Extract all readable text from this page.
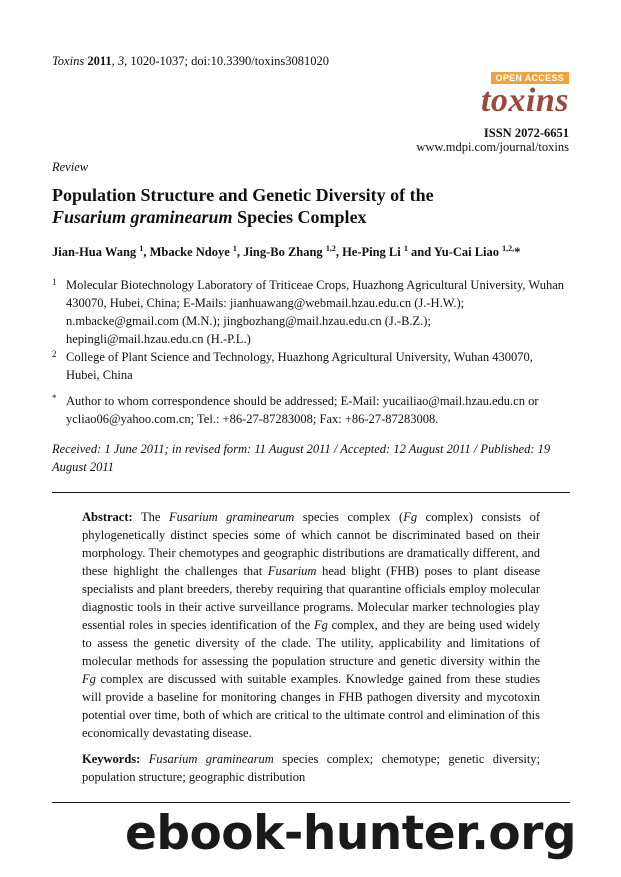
Toxins 2011, 3, 1020-1037; doi:10.3390/toxins3081020
OPEN ACCESS
toxins
ISSN 2072-6651
www.mdpi.com/journal/toxins
Review
Population Structure and Genetic Diversity of the
Fusarium graminearum Species Complex
Jian-Hua Wang $^1$, Mbacke Ndoye $^1$, Jing-Bo Zhang $^{1,2}$, He-Ping Li $^1$ and Yu-Cai Liao $^{1,2,}$*
1 Molecular Biotechnology Laboratory of Triticeae Crops, Huazhong Agricultural University, Wuhan 430070, Hubei, China; E-Mails: jianhuawang@webmail.hzau.edu.cn (J.-H.W.); n.mbacke@gmail.com (M.N.); jingbozhang@mail.hzau.edu.cn (J.-B.Z.); hepingli@mail.hzau.edu.cn (H.-P.L.)
2 College of Plant Science and Technology, Huazhong Agricultural University, Wuhan 430070, Hubei, China
* Author to whom correspondence should be addressed; E-Mail: yucailiao@mail.hzau.edu.cn or ycliao06@yahoo.com.cn; Tel.: +86-27-87283008; Fax: +86-27-87283008.
Received: 1 June 2011; in revised form: 11 August 2011 / Accepted: 12 August 2011 / Published: 19 August 2011
Abstract: The Fusarium graminearum species complex (Fg complex) consists of phylogenetically distinct species some of which cannot be discriminated based on their morphology. Their chemotypes and geographic distributions are dramatically different, and these highlight the challenges that Fusarium head blight (FHB) poses to plant disease specialists and plant breeders, thereby requiring that quarantine officials employ molecular diagnostic tools in their active surveillance programs. Molecular marker technologies play essential roles in species identification of the Fg complex, and they are being used widely to assess the genetic diversity of the clade. The utility, applicability and limitations of molecular methods for assessing the population structure and genetic diversity within the Fg complex are discussed with suitable examples. Knowledge gained from these studies will provide a baseline for monitoring changes in FHB pathogen diversity and mycotoxin potential over time, both of which are critical to the ultimate control and elimination of this economically devastating disease.
Keywords: Fusarium graminearum species complex; chemotype; genetic diversity; population structure; geographic distribution
ebook-hunter.org
